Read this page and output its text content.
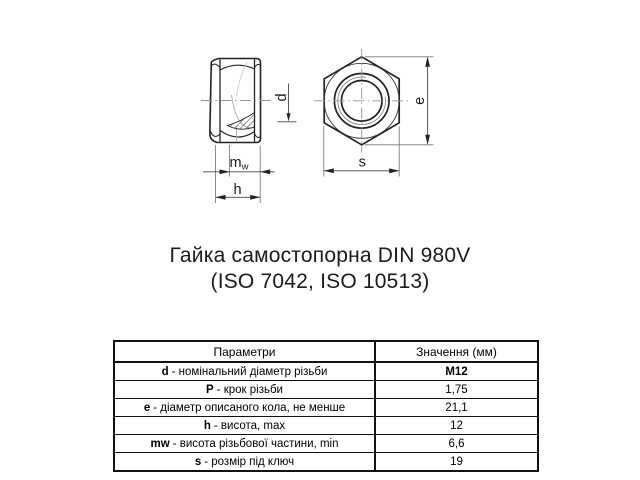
d
mw
h
e
s
Гайка самостопорна DIN 980V
(ISO 7042, ISO 10513)
Параметри	Значення (мм)
d - номінальний діаметр різьби	M12
P - крок різьби	1,75
e - діаметр описаного кола, не менше	21,1
h - висота, max	12
mw - висота різьбової частини, min	6,6
s - розмір під ключ	19
